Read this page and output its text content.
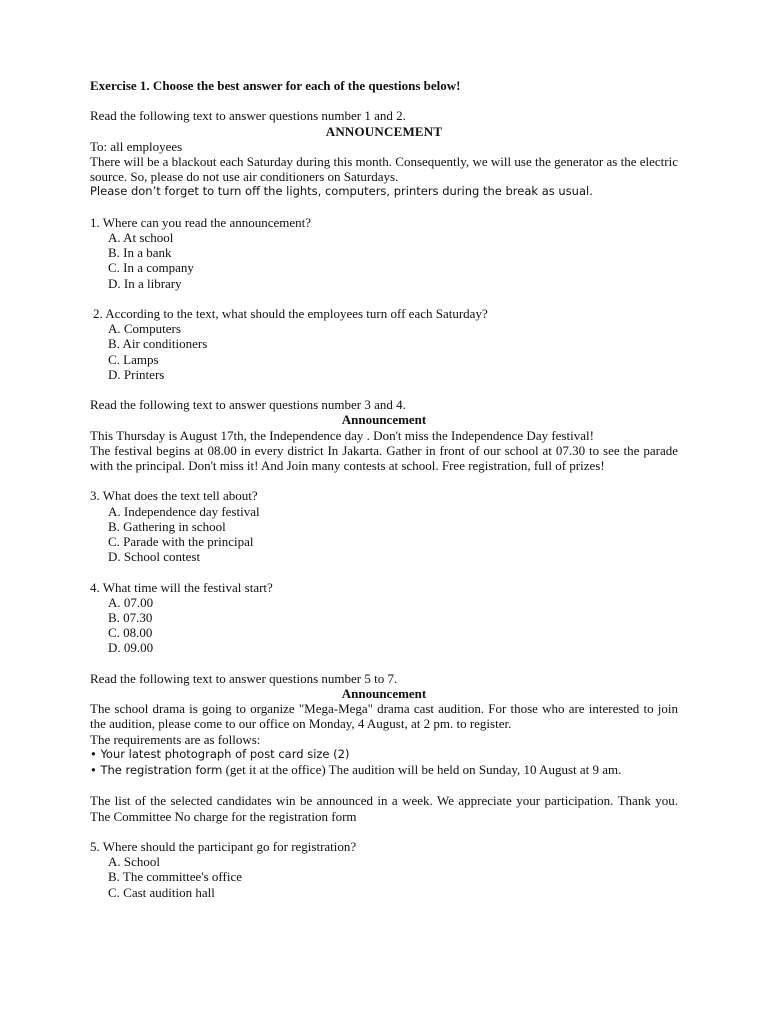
Exercise 1. Choose the best answer for each of the questions below!
Read the following text to answer questions number 1 and 2.
ANNOUNCEMENT
To: all employees
There will be a blackout each Saturday during this month. Consequently, we will use the generator as the electric source. So, please do not use air conditioners on Saturdays.
Please don’t forget to turn off the lights, computers, printers during the break as usual.
1. Where can you read the announcement?
A. At school
B. In a bank
C. In a company
D. In a library
2. According to the text, what should the employees turn off each Saturday?
A. Computers
B. Air conditioners
C. Lamps
D. Printers
Read the following text to answer questions number 3 and 4.
Announcement
This Thursday is August 17th, the Independence day . Don't miss the Independence Day festival!
The festival begins at 08.00 in every district In Jakarta. Gather in front of our school at 07.30 to see the parade with the principal. Don't miss it! And Join many contests at school. Free registration, full of prizes!
3. What does the text tell about?
A. Independence day festival
B. Gathering in school
C. Parade with the principal
D. School contest
4. What time will the festival start?
A. 07.00
B. 07.30
C. 08.00
D. 09.00
Read the following text to answer questions number 5 to 7.
Announcement
The school drama is going to organize "Mega-Mega" drama cast audition. For those who are interested to join the audition, please come to our office on Monday, 4 August, at 2 pm. to register.
The requirements are as follows:
• Your latest photograph of post card size (2)
• The registration form (get it at the office) The audition will be held on Sunday, 10 August at 9 am.
The list of the selected candidates win be announced in a week. We appreciate your participation. Thank you. The Committee No charge for the registration form
5. Where should the participant go for registration?
A. School
B. The committee's office
C. Cast audition hall
